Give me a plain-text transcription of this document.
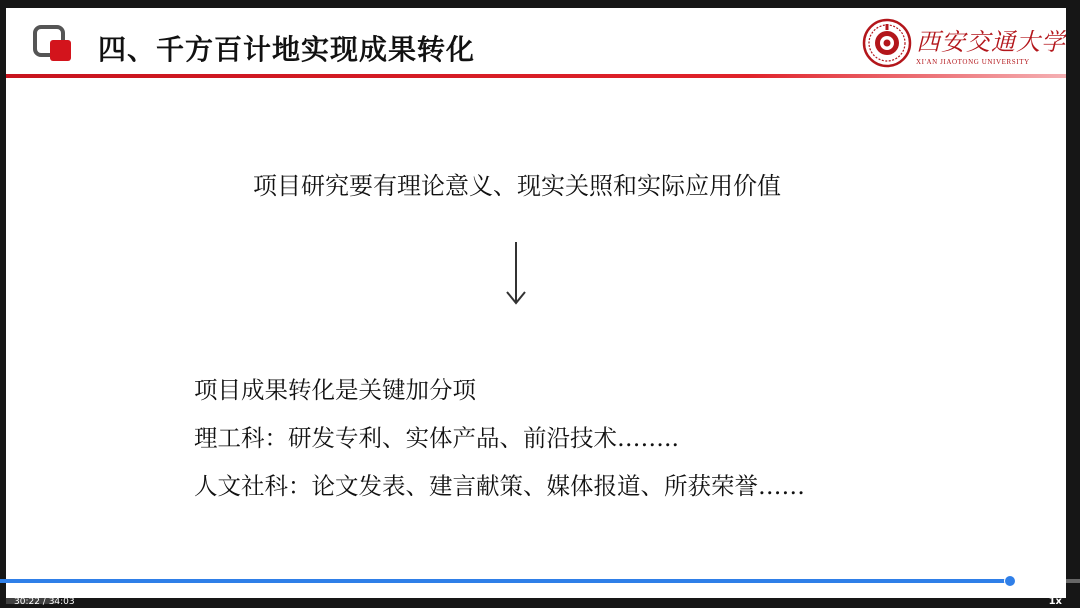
四、千方百计地实现成果转化	西安交通大学
XI'AN JIAOTONG UNIVERSITY
项目研究要有理论意义、现实关照和实际应用价值
项目成果转化是关键加分项
理工科：研发专利、实体产品、前沿技术……..
人文社科：论文发表、建言献策、媒体报道、所获荣誉……
30:22 / 34:03	1x
